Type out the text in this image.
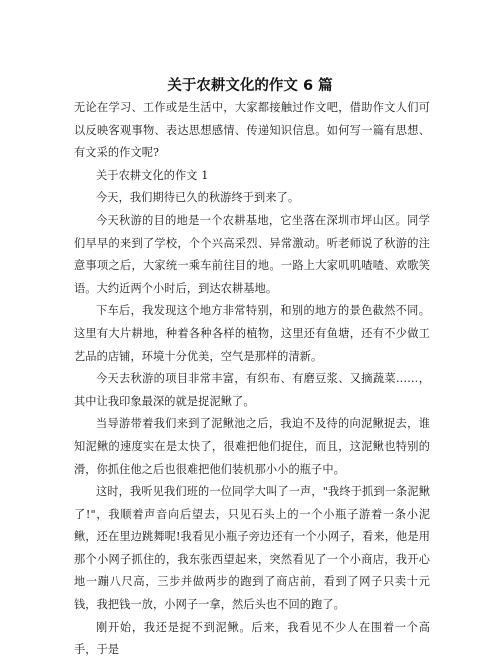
关于农耕文化的作文 6 篇

无论在学习、工作或是生活中，大家都接触过作文吧，借助作文人们可以反映客观事物、表达思想感情、传递知识信息。如何写一篇有思想、有文采的作文呢?

关于农耕文化的作文 1

今天，我们期待已久的秋游终于到来了。

今天秋游的目的地是一个农耕基地，它坐落在深圳市坪山区。同学们早早的来到了学校，个个兴高采烈、异常激动。听老师说了秋游的注意事项之后，大家统一乘车前往目的地。一路上大家叽叽喳喳、欢歌笑语。大约近两个小时后，到达农耕基地。

下车后，我发现这个地方非常特别，和别的地方的景色截然不同。这里有大片耕地，种着各种各样的植物，这里还有鱼塘，还有不少做工艺品的店铺，环境十分优美，空气是那样的清新。

今天去秋游的项目非常丰富，有织布、有磨豆浆、又摘蔬菜……，其中让我印象最深的就是捉泥鳅了。

当导游带着我们来到了泥鳅池之后，我迫不及待的向泥鳅捉去，谁知泥鳅的速度实在是太快了，很难把他们捉住，而且，这泥鳅也特别的滑，你抓住他之后也很难把他们装机那小小的瓶子中。

这时，我听见我们班的一位同学大叫了一声，"我终于抓到一条泥鳅了!"，我顺着声音向后望去，只见石头上的一个小瓶子游着一条小泥鳅，还在里边跳舞呢!我看见小瓶子旁边还有一个小网子，看来，他是用那个小网子抓住的，我东张西望起来，突然看见了一个小商店，我开心地一蹦八尺高，三步并做两步的跑到了商店前，看到了网子只卖十元钱，我把钱一放，小网子一拿，然后头也不回的跑了。

刚开始，我还是捉不到泥鳅。后来，我看见不少人在围着一个高手，于是
